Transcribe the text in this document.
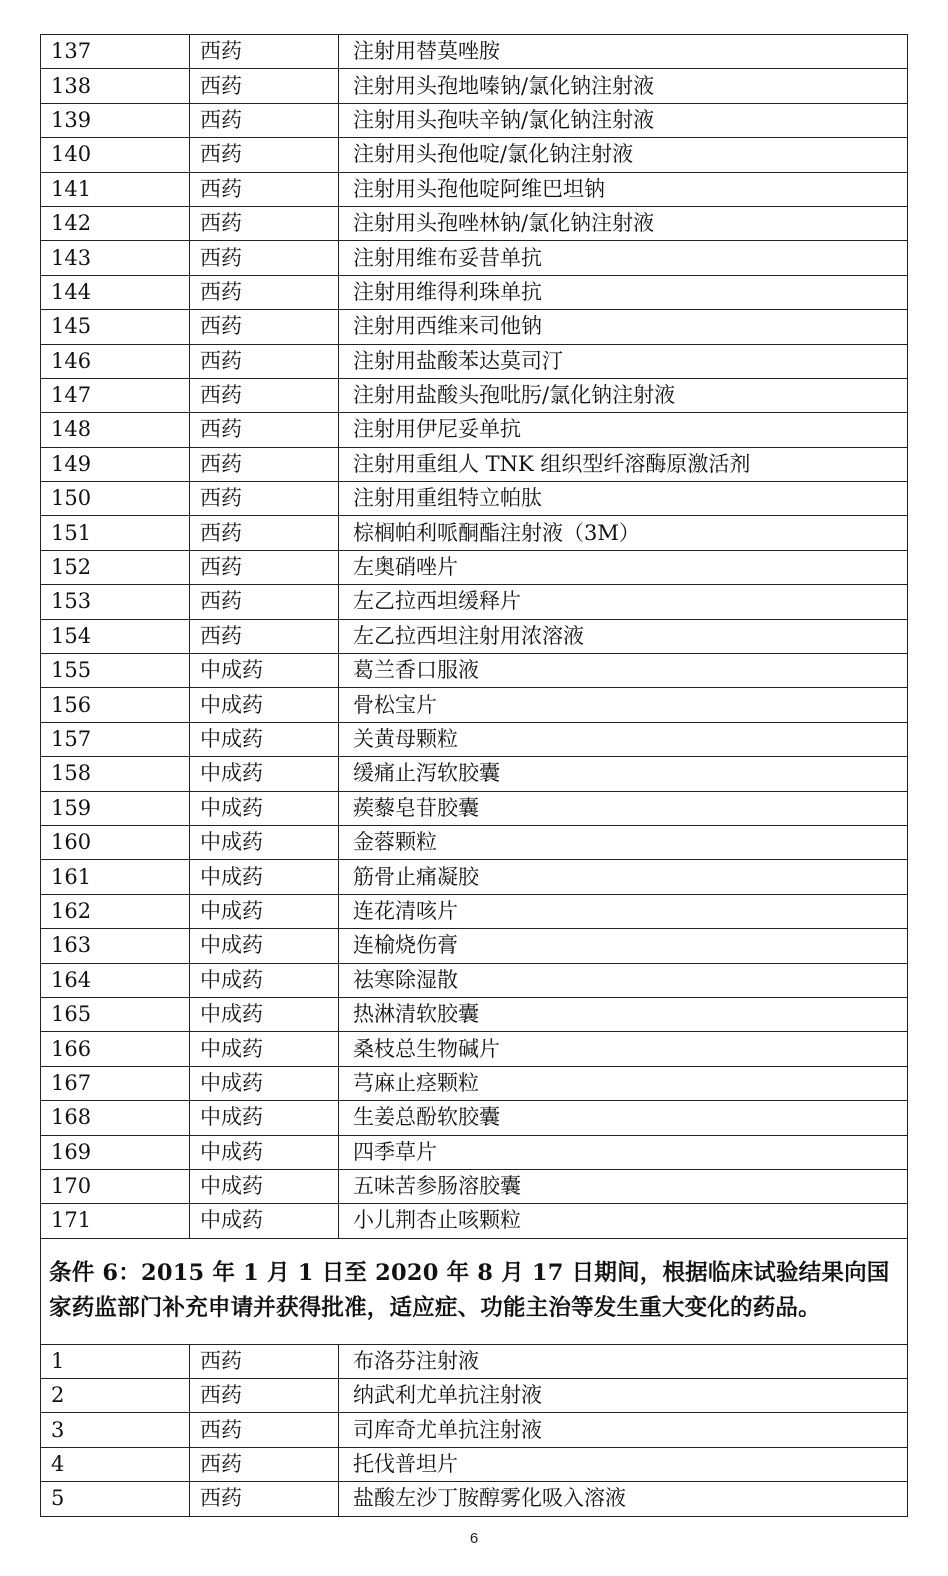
137	西药	注射用替莫唑胺
138	西药	注射用头孢地嗪钠/氯化钠注射液
139	西药	注射用头孢呋辛钠/氯化钠注射液
140	西药	注射用头孢他啶/氯化钠注射液
141	西药	注射用头孢他啶阿维巴坦钠
142	西药	注射用头孢唑林钠/氯化钠注射液
143	西药	注射用维布妥昔单抗
144	西药	注射用维得利珠单抗
145	西药	注射用西维来司他钠
146	西药	注射用盐酸苯达莫司汀
147	西药	注射用盐酸头孢吡肟/氯化钠注射液
148	西药	注射用伊尼妥单抗
149	西药	注射用重组人 TNK 组织型纤溶酶原激活剂
150	西药	注射用重组特立帕肽
151	西药	棕榈帕利哌酮酯注射液（3M）
152	西药	左奥硝唑片
153	西药	左乙拉西坦缓释片
154	西药	左乙拉西坦注射用浓溶液
155	中成药	葛兰香口服液
156	中成药	骨松宝片
157	中成药	关黄母颗粒
158	中成药	缓痛止泻软胶囊
159	中成药	蒺藜皂苷胶囊
160	中成药	金蓉颗粒
161	中成药	筋骨止痛凝胶
162	中成药	连花清咳片
163	中成药	连榆烧伤膏
164	中成药	祛寒除湿散
165	中成药	热淋清软胶囊
166	中成药	桑枝总生物碱片
167	中成药	芎麻止痉颗粒
168	中成药	生姜总酚软胶囊
169	中成药	四季草片
170	中成药	五味苦参肠溶胶囊
171	中成药	小儿荆杏止咳颗粒
条件 6：2015 年 1 月 1 日至 2020 年 8 月 17 日期间，根据临床试验结果向国家药监部门补充申请并获得批准，适应症、功能主治等发生重大变化的药品。		
1	西药	布洛芬注射液
2	西药	纳武利尤单抗注射液
3	西药	司库奇尤单抗注射液
4	西药	托伐普坦片
5	西药	盐酸左沙丁胺醇雾化吸入溶液
6
